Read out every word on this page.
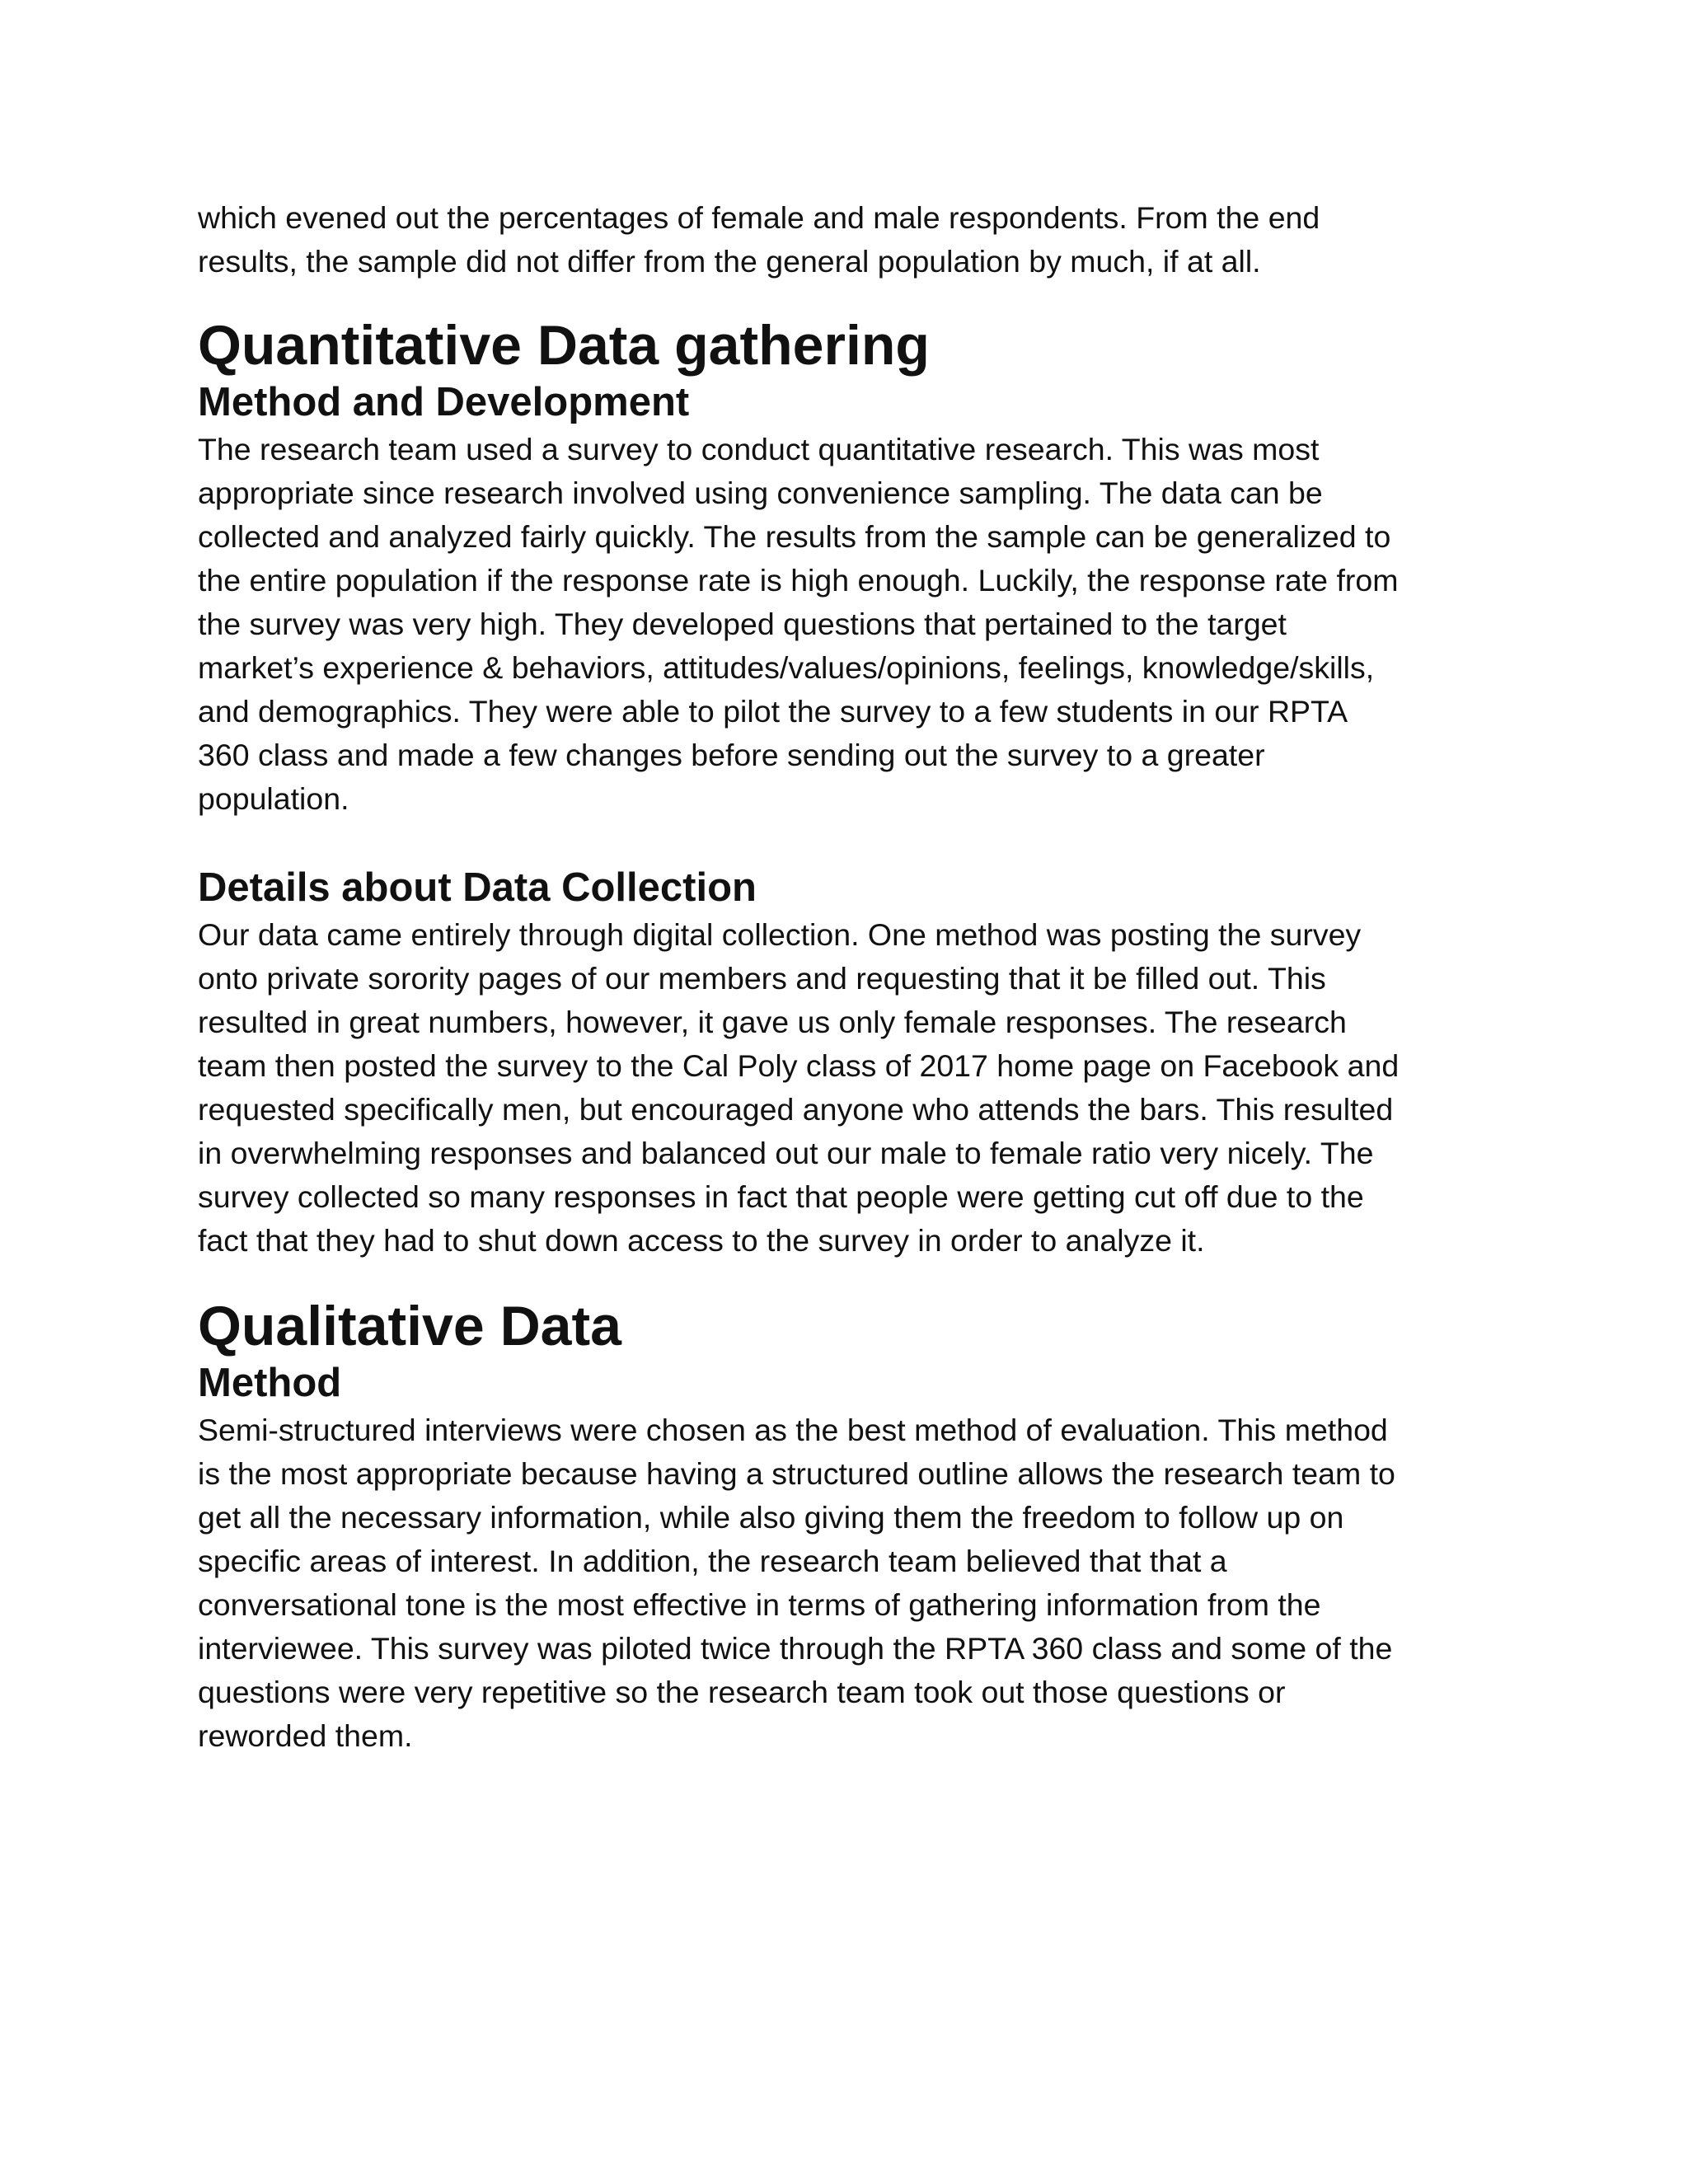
which evened out the percentages of female and male respondents. From the end
results, the sample did not differ from the general population by much, if at all.

Quantitative Data gathering
Method and Development

The research team used a survey to conduct quantitative research. This was most
appropriate since research involved using convenience sampling. The data can be
collected and analyzed fairly quickly. The results from the sample can be generalized to
the entire population if the response rate is high enough. Luckily, the response rate from
the survey was very high. They developed questions that pertained to the target
market’s experience & behaviors, attitudes/values/opinions, feelings, knowledge/skills,
and demographics. They were able to pilot the survey to a few students in our RPTA
360 class and made a few changes before sending out the survey to a greater
population.

Details about Data Collection

Our data came entirely through digital collection. One method was posting the survey
onto private sorority pages of our members and requesting that it be filled out. This
resulted in great numbers, however, it gave us only female responses. The research
team then posted the survey to the Cal Poly class of 2017 home page on Facebook and
requested specifically men, but encouraged anyone who attends the bars. This resulted
in overwhelming responses and balanced out our male to female ratio very nicely. The
survey collected so many responses in fact that people were getting cut off due to the
fact that they had to shut down access to the survey in order to analyze it.

Qualitative Data
Method

Semi-structured interviews were chosen as the best method of evaluation. This method
is the most appropriate because having a structured outline allows the research team to
get all the necessary information, while also giving them the freedom to follow up on
specific areas of interest. In addition, the research team believed that that a
conversational tone is the most effective in terms of gathering information from the
interviewee. This survey was piloted twice through the RPTA 360 class and some of the
questions were very repetitive so the research team took out those questions or
reworded them.
